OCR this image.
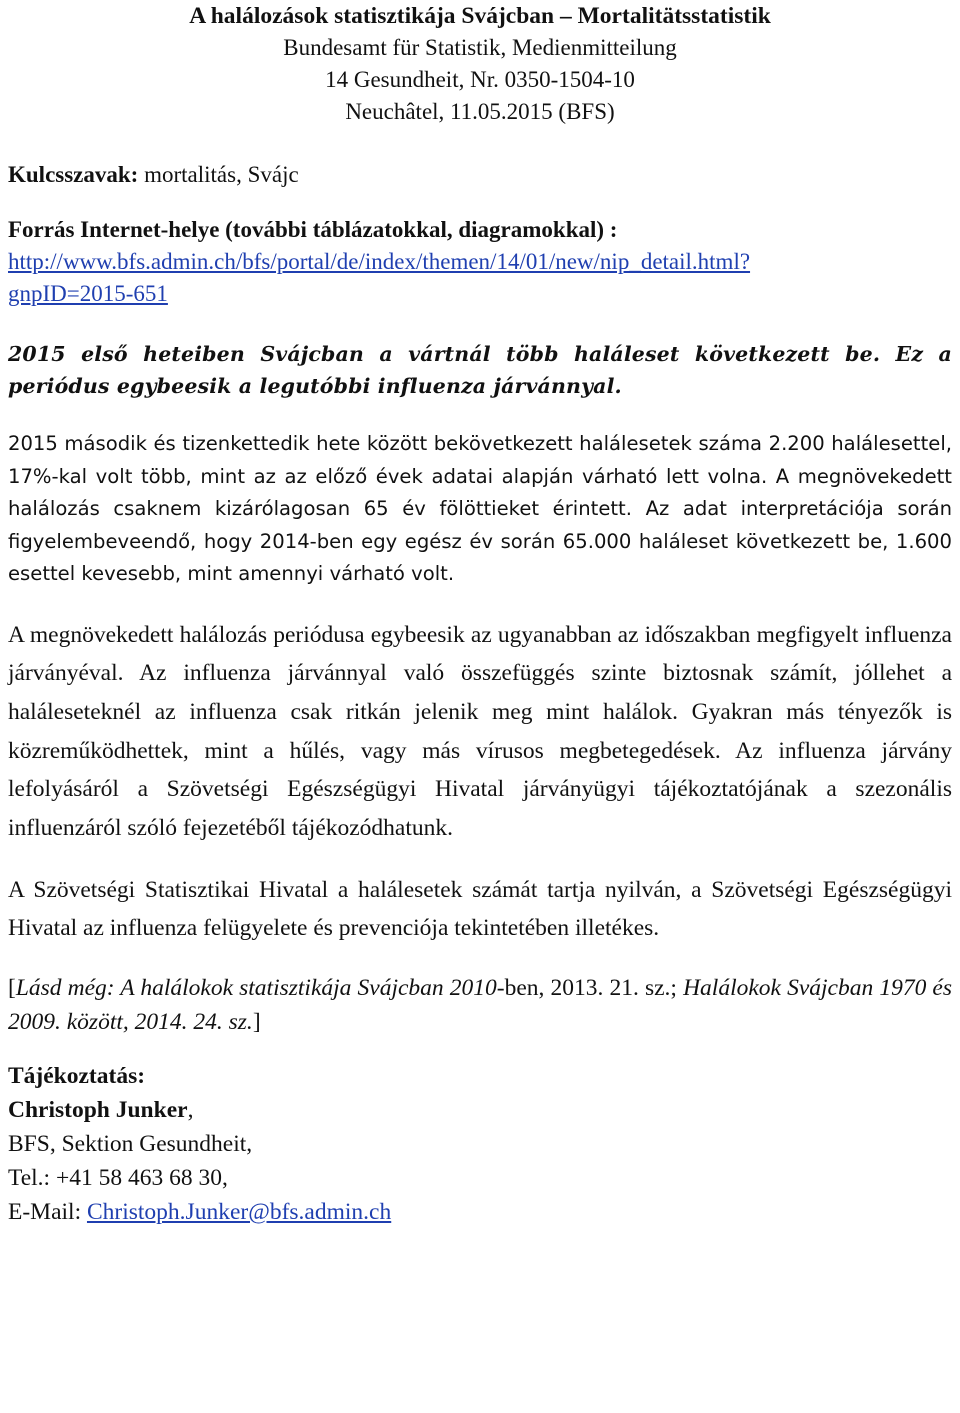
A halálozások statisztikája Svájcban – Mortalitätsstatistik
Bundesamt für Statistik, Medienmitteilung
14 Gesundheit, Nr. 0350-1504-10
Neuchâtel, 11.05.2015 (BFS)
Kulcsszavak: mortalitás, Svájc
Forrás Internet-helye (további táblázatokkal, diagramokkal) :
http://www.bfs.admin.ch/bfs/portal/de/index/themen/14/01/new/nip_detail.html?
gnpID=2015-651

2015 első heteiben Svájcban a vártnál több haláleset következett be. Ez a periódus egybeesik a legutóbbi influenza járvánnyal.

2015 második és tizenkettedik hete között bekövetkezett halálesetek száma 2.200 halálesettel, 17%-kal volt több, mint az az előző évek adatai alapján várható lett volna. A megnövekedett halálozás csaknem kizárólagosan 65 év fölöttieket érintett. Az adat interpretációja során figyelembeveendő, hogy 2014-ben egy egész év során 65.000 haláleset következett be, 1.600 esettel kevesebb, mint amennyi várható volt.

A megnövekedett halálozás periódusa egybeesik az ugyanabban az időszakban megfigyelt influenza járványéval. Az influenza járvánnyal való összefüggés szinte biztosnak számít, jóllehet a haláleseteknél az influenza csak ritkán jelenik meg mint halálok. Gyakran más tényezők is közreműködhettek, mint a hűlés, vagy más vírusos megbetegedések. Az influenza járvány lefolyásáról a Szövetségi Egészségügyi Hivatal járványügyi tájékoztatójának a szezonális influenzáról szóló fejezetéből tájékozódhatunk.

A Szövetségi Statisztikai Hivatal a halálesetek számát tartja nyilván, a Szövetségi Egészségügyi Hivatal az influenza felügyelete és prevenciója tekintetében illetékes.

[Lásd még: A halálokok statisztikája Svájcban 2010-ben, 2013. 21. sz.; Halálokok Svájcban 1970 és 2009. között, 2014. 24. sz.]

Tájékoztatás:
Christoph Junker,
BFS, Sektion Gesundheit,
Tel.: +41 58 463 68 30,
E-Mail: Christoph.Junker@bfs.admin.ch
